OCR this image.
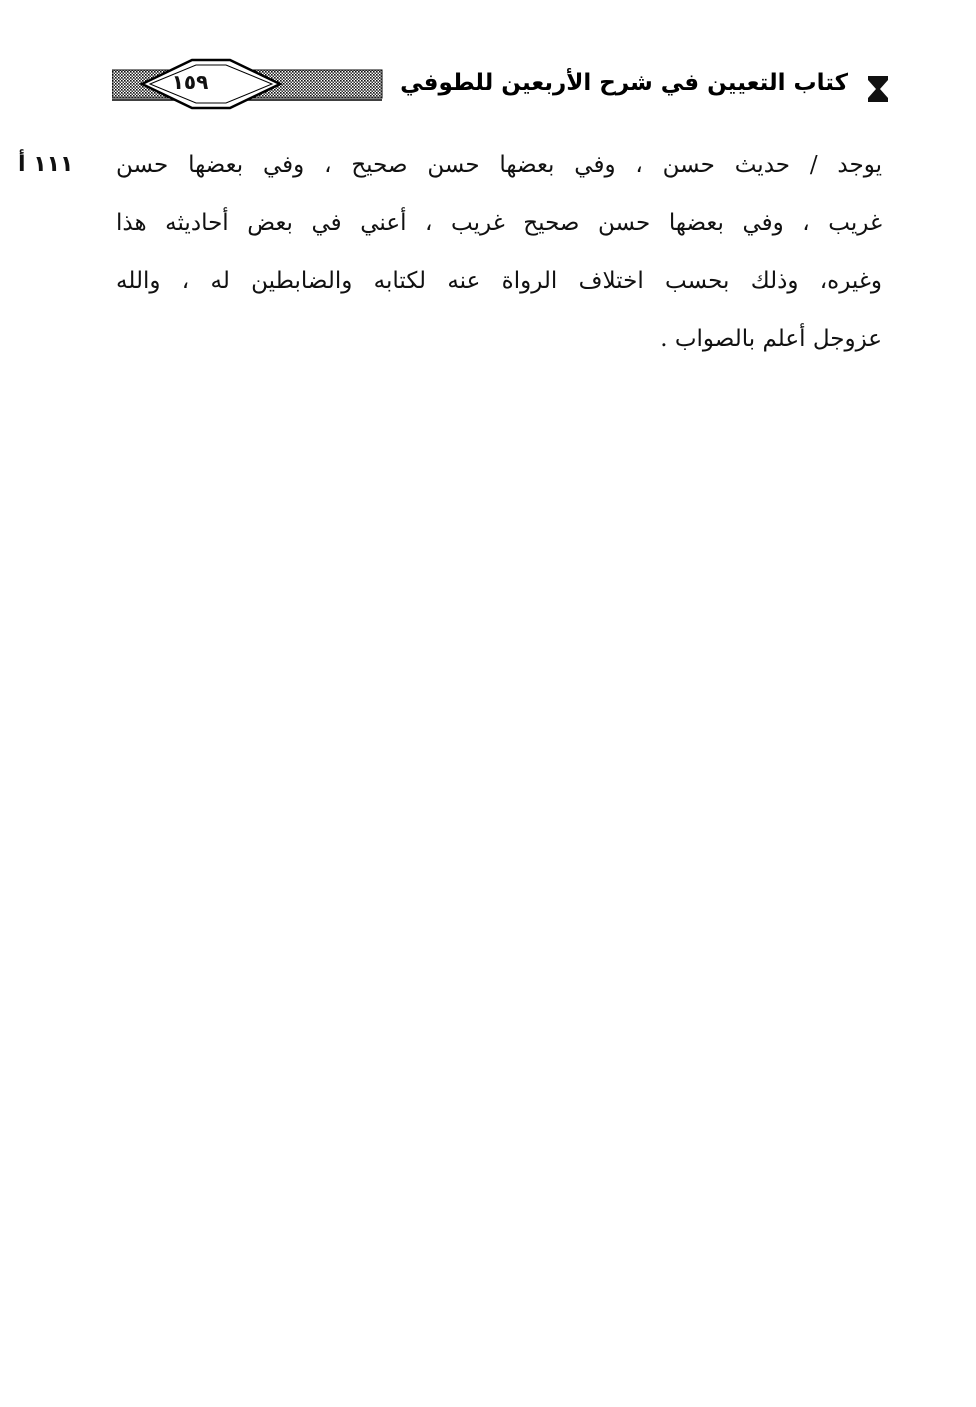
١٥٩	كتاب التعيين في شرح الأربعين للطوفي
١١١ أ يوجد / حديث حسن ، وفي بعضها حسن صحيح ، وفي بعضها حسن
غريب ، وفي بعضها حسن صحيح غريب ، أعني في بعض أحاديثه هذا
وغيره، وذلك بحسب اختلاف الرواة عنه لكتابه والضابطين له ، والله
عزوجل أعلم بالصواب .
